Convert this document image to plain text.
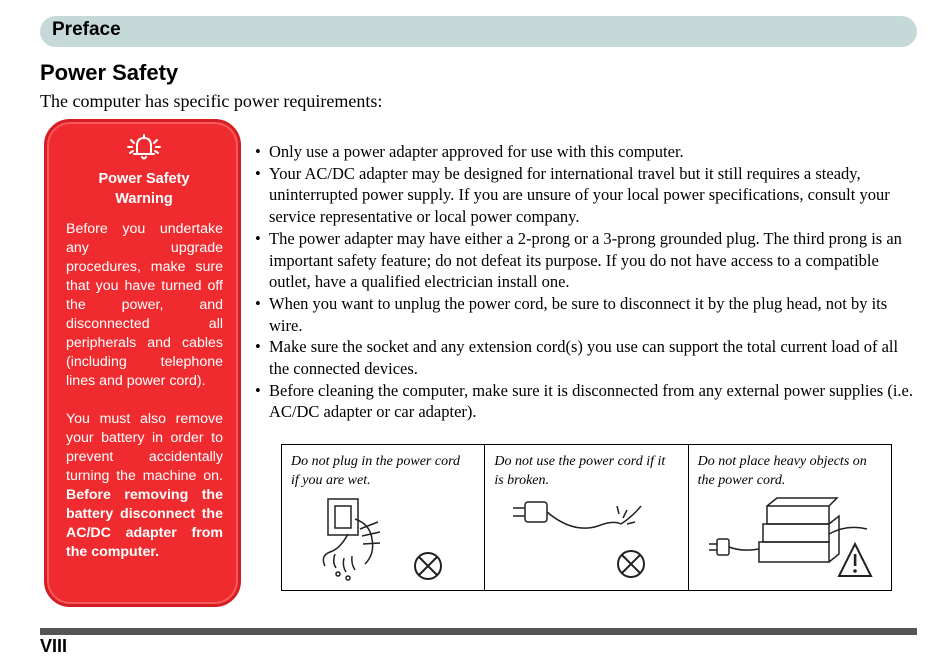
Preface
Power Safety
The computer has specific power requirements:
Power Safety
Warning

Before you undertake any upgrade procedures, make sure that you have turned off the power, and disconnected all peripherals and cables (including telephone lines and power cord).

You must also remove your battery in order to prevent accidentally turning the machine on. Before removing the battery disconnect the AC/DC adapter from the computer.

• Only use a power adapter approved for use with this computer.
• Your AC/DC adapter may be designed for international travel but it still requires a steady, uninterrupted power supply. If you are unsure of your local power specifications, consult your service representative or local power company.
• The power adapter may have either a 2-prong or a 3-prong grounded plug. The third prong is an important safety feature; do not defeat its purpose. If you do not have access to a compatible outlet, have a qualified electrician install one.
• When you want to unplug the power cord, be sure to disconnect it by the plug head, not by its wire.
• Make sure the socket and any extension cord(s) you use can support the total current load of all the connected devices.
• Before cleaning the computer, make sure it is disconnected from any external power supplies (i.e. AC/DC adapter or car adapter).
Do not plug in the power cord if you are wet.
Do not use the power cord if it is broken.
Do not place heavy objects on the power cord.
VIII
